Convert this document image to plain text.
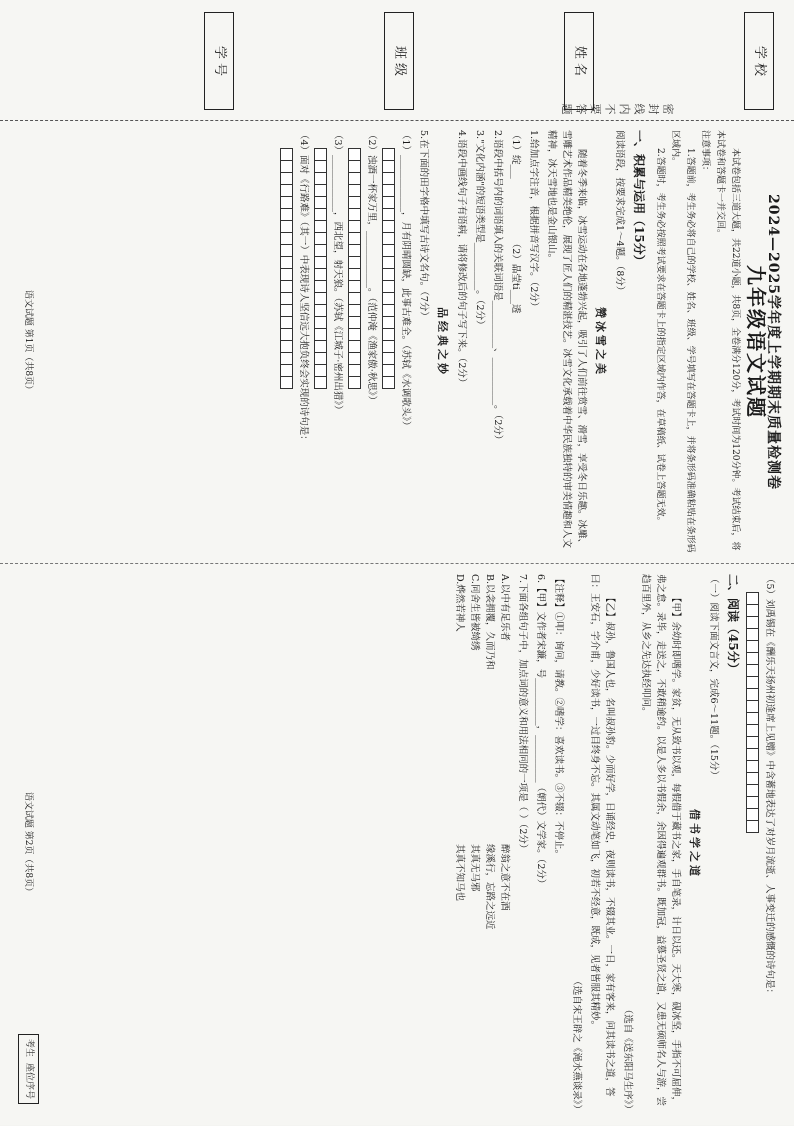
学 校
姓 名
班 级
学 号
密 封 线 内 不 要 答 题
2024—2025学年度上学期期末质量检测卷
九年级语文试题

本试卷包括三道大题，共22道小题，共8页，全卷满分120分，考试时间为120分钟。考试结束后，将本试卷和答题卡一并交回。

注意事项：

1.答题前，考生务必将自己的学校、姓名、班级、学号填写在答题卡上，并将条形码准确粘贴在条形码区域内。

2.答题时，考生务必按照考试要求在答题卡上的指定区域内作答，在草稿纸、试卷上答题无效。

一、积累与运用（15分）

阅读语段，按要求完成1～4题。（8分）

赞冰雪之美

随着冬季来临，冰雪运动在各地蓬勃兴起，吸引了人们前往赏雪、滑雪，享受冬日乐趣。冰雕、雪雕艺术作品精美绝伦，展现了匠人们的精湛技艺。冰雪文化承载着中华民族独特的审美情趣和人文精神，冰天雪地也是金山银山。

1.给加点字注音，根据拼音写汉字。（2分）

（1）绽___
（2）晶莹ti___透

2.语段中括号内的词语填入的关联词语是__________、__________。（2分）

3."文化内涵"的短语类型是__________。（2分）

4.语段中画线句子有语病，请将修改后的句子写下来。（2分）

品经典之妙

5.在下面的田字格中填写古诗文名句。（7分）

（1）____________，月有阴晴圆缺，此事古难全。（苏轼《水调歌头》）

（2）浊酒一杯家万里，____________。（范仲淹《渔家傲·秋思》）

（3）____________，西北望，射天狼。（苏轼《江城子·密州出猎》）

（4）面对《行路难》（其一）中表现诗人坚信远大抱负终会实现的诗句是：

语文试题 第1页（共8页）

（5）刘禹锡在《酬乐天扬州初逢席上见赠》中含蓄地表达了对岁月流逝、人事变迁的感慨的诗句是：

二、阅读（45分）

（一）阅读下面文言文，完成6～11题。（15分）

借书学之道

【甲】余幼时即嗜学。家贫，无从致书以观，每假借于藏书之家，手自笔录，计日以还。天大寒，砚冰坚，手指不可屈伸，弗之怠。录毕，走送之，不敢稍逾约。以是人多以书假余，余因得遍观群书。既加冠，益慕圣贤之道，又患无硕师名人与游，尝趋百里外，从乡之先达执经叩问。

（选自《送东阳马生序》）

【乙】叔孙，鲁国人也，名叫叔孙豹。少而好学，日诵经史，夜则读书，不辍其业。一日，家有客来，问其读书之道，答曰：王安石，字介甫，少好读书，一过目终身不忘。其属文动笔如飞，初若不经意，既成，见者皆服其精妙。

（选自宋王辟之《渑水燕谈录》）

【注释】①叩：询问，请教。②嗜学：喜欢读书。③不辍：不停止。

6.【甲】文作者宋濂，号__________，__________（朝代）文学家。（2分）

7.下面各组句子中，加点词的意义和用法相同的一项是（ ）（2分）

A.以中有足乐者
醉翁之意不在酒
B.以衾拥覆，久而乃和
缘溪行，忘路之远近
C.同舍生皆被绮绣
其真无马邪
D.烨然若神人
其真不知马也
语文试题 第2页（共8页）
考生
座位序号
